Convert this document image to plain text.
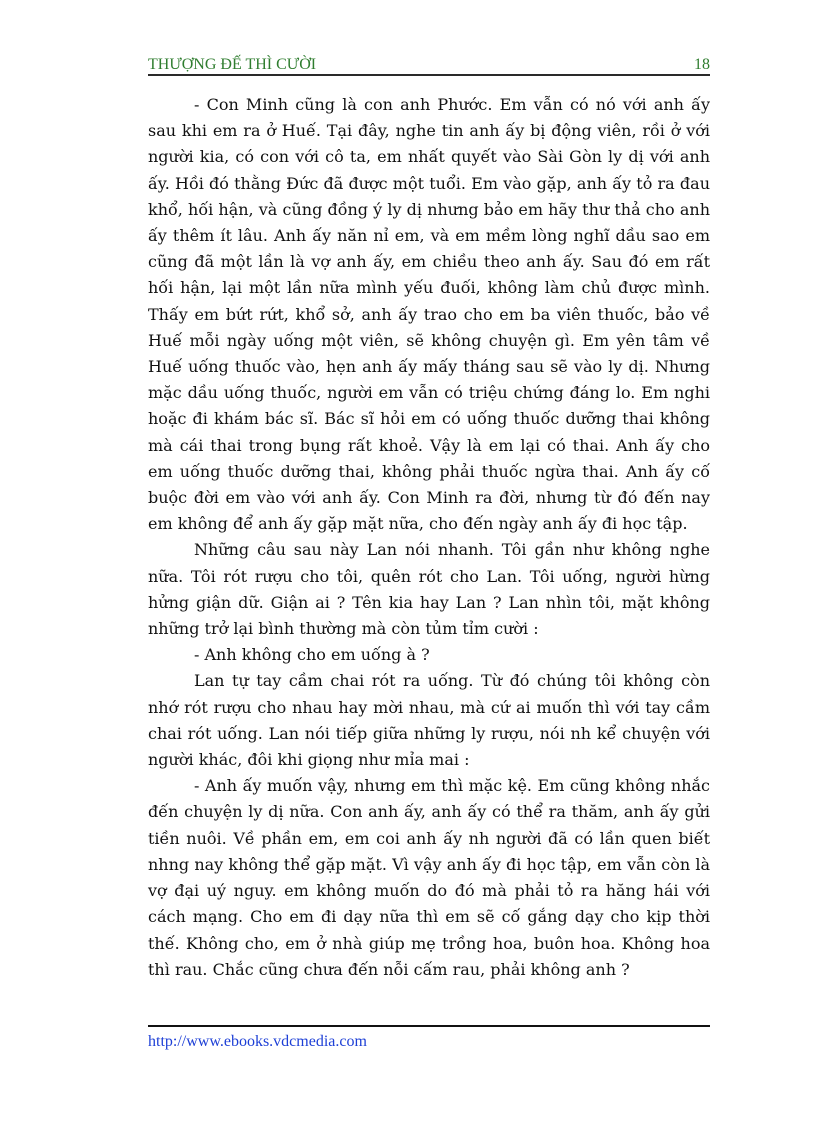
THƯỢNG ĐẾ THÌ CƯỜI	18

- Con Minh cũng là con anh Phước. Em vẫn có nó với anh ấy sau khi em ra ở Huế. Tại đây, nghe tin anh ấy bị động viên, rồi ở với người kia, có con với cô ta, em nhất quyết vào Sài Gòn ly dị với anh ấy. Hồi đó thằng Đức đã được một tuổi. Em vào gặp, anh ấy tỏ ra đau khổ, hối hận, và cũng đồng ý ly dị nhưng bảo em hãy thư thả cho anh ấy thêm ít lâu. Anh ấy năn nỉ em, và em mềm lòng nghĩ dầu sao em cũng đã một lần là vợ anh ấy, em chiều theo anh ấy. Sau đó em rất hối hận, lại một lần nữa mình yếu đuối, không làm chủ được mình. Thấy em bứt rứt, khổ sở, anh ấy trao cho em ba viên thuốc, bảo về Huế mỗi ngày uống một viên, sẽ không chuyện gì. Em yên tâm về Huế uống thuốc vào, hẹn anh ấy mấy tháng sau sẽ vào ly dị. Nhưng mặc dầu uống thuốc, người em vẫn có triệu chứng đáng lo. Em nghi hoặc đi khám bác sĩ. Bác sĩ hỏi em có uống thuốc dưỡng thai không mà cái thai trong bụng rất khoẻ. Vậy là em lại có thai. Anh ấy cho em uống thuốc dưỡng thai, không phải thuốc ngừa thai. Anh ấy cố buộc đời em vào với anh ấy. Con Minh ra đời, nhưng từ đó đến nay em không để anh ấy gặp mặt nữa, cho đến ngày anh ấy đi học tập.

Những câu sau này Lan nói nhanh. Tôi gần như không nghe nữa. Tôi rót rượu cho tôi, quên rót cho Lan. Tôi uống, người hừng hửng giận dữ. Giận ai ? Tên kia hay Lan ? Lan nhìn tôi, mặt không những trở lại bình thường mà còn tủm tỉm cười :

- Anh không cho em uống à ?

Lan tự tay cầm chai rót ra uống. Từ đó chúng tôi không còn nhớ rót rượu cho nhau hay mời nhau, mà cứ ai muốn thì với tay cầm chai rót uống. Lan nói tiếp giữa những ly rượu, nói nh kể chuyện với người khác, đôi khi giọng như mỉa mai :

- Anh ấy muốn vậy, nhưng em thì mặc kệ. Em cũng không nhắc đến chuyện ly dị nữa. Con anh ấy, anh ấy có thể ra thăm, anh ấy gửi tiền nuôi. Về phần em, em coi anh ấy nh người đã có lần quen biết nhng nay không thể gặp mặt. Vì vậy anh ấy đi học tập, em vẫn còn là vợ đại uý nguy. em không muốn do đó mà phải tỏ ra hăng hái với cách mạng. Cho em đi dạy nữa thì em sẽ cố gắng dạy cho kịp thời thế. Không cho, em ở nhà giúp mẹ trồng hoa, buôn hoa. Không hoa thì rau. Chắc cũng chưa đến nỗi cấm rau, phải không anh ?

http://www.ebooks.vdcmedia.com
